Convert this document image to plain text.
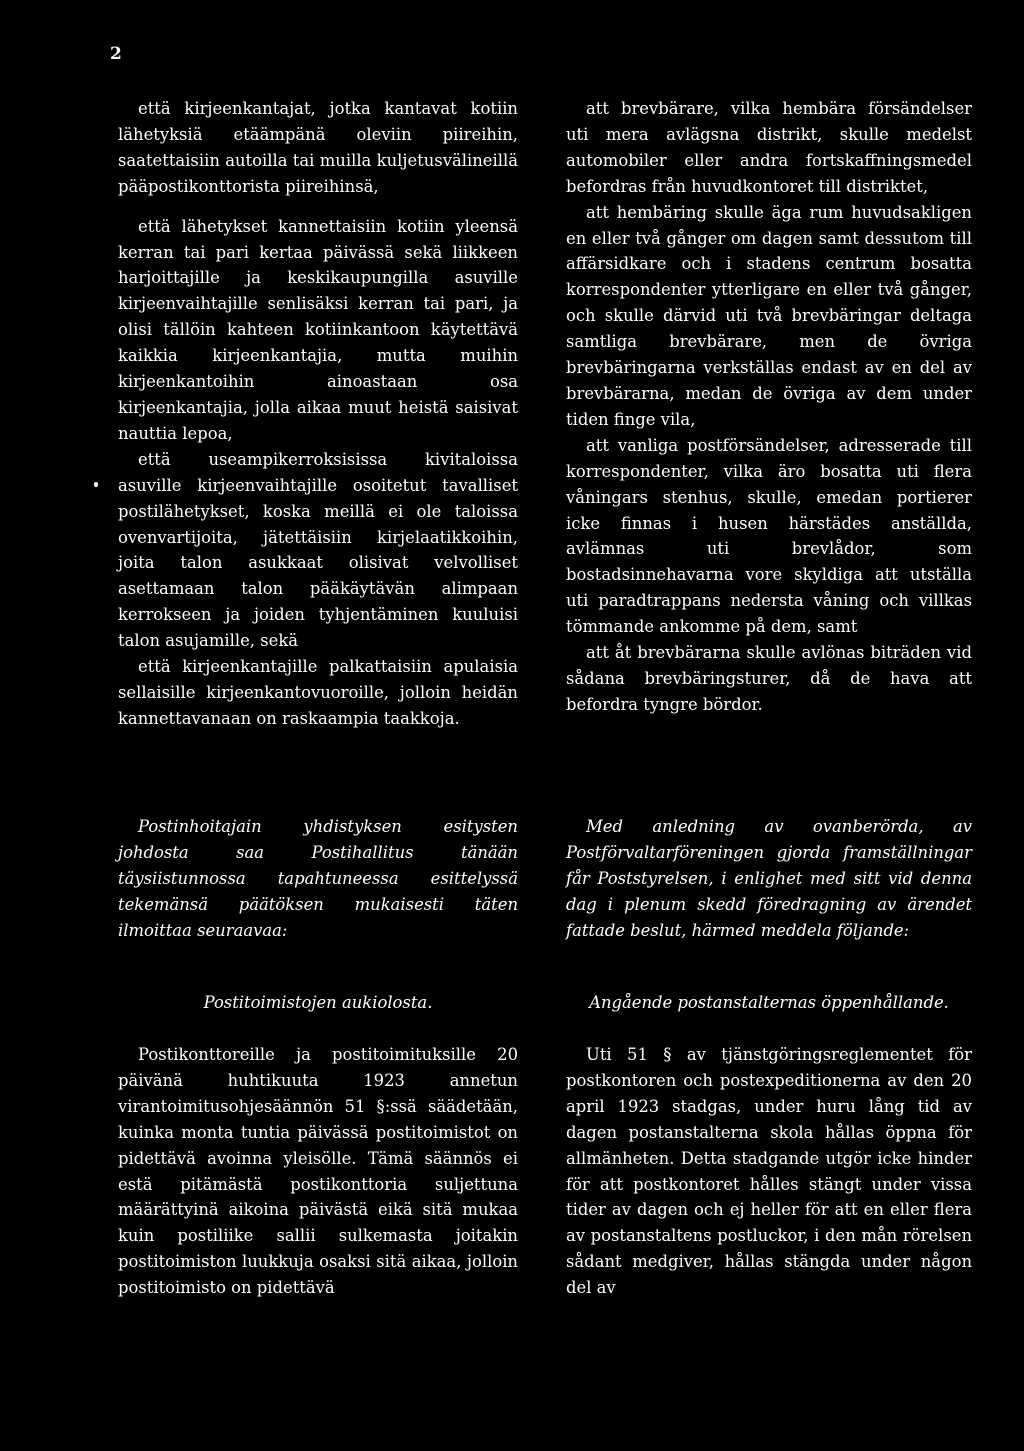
2

että kirjeenkantajat, jotka kantavat kotiin lähetyksiä etäämpänä oleviin piireihin, saatettaisiin autoilla tai muilla kuljetusvälineillä pääpostikonttorista piireihinsä,

että lähetykset kannettaisiin kotiin yleensä kerran tai pari kertaa päivässä sekä liikkeen harjoittajille ja keskikaupungilla asuville kirjeenvaihtajille senlisäksi kerran tai pari, ja olisi tällöin kahteen kotiinkantoon käytettävä kaikkia kirjeenkantajia, mutta muihin kirjeenkantoihin ainoastaan osa kirjeenkantajia, jolla aikaa muut heistä saisivat nauttia lepoa,

että useampikerroksisissa kivitaloissa asuville kirjeenvaihtajille osoitetut tavalliset postilähetykset, koska meillä ei ole taloissa ovenvartijoita, jätettäisiin kirjelaatikkoihin, joita talon asukkaat olisivat velvolliset asettamaan talon pääkäytävän alimpaan kerrokseen ja joiden tyhjentäminen kuuluisi talon asujamille, sekä

että kirjeenkantajille palkattaisiin apulaisia sellaisille kirjeenkantovuoroille, jolloin heidän kannettavanaan on raskaampia taakkoja.

att brevbärare, vilka hembära försändelser uti mera avlägsna distrikt, skulle medelst automobiler eller andra fortskaffningsmedel befordras från huvudkontoret till distriktet,

att hembäring skulle äga rum huvudsakligen en eller två gånger om dagen samt dessutom till affärsidkare och i stadens centrum bosatta korrespondenter ytterligare en eller två gånger, och skulle därvid uti två brevbäringar deltaga samtliga brevbärare, men de övriga brevbäringarna verkställas endast av en del av brevbärarna, medan de övriga av dem under tiden finge vila,

att vanliga postförsändelser, adresserade till korrespondenter, vilka äro bosatta uti flera våningars stenhus, skulle, emedan portierer icke finnas i husen härstädes anställda, avlämnas uti brevlådor, som bostadsinnehavarna vore skyldiga att utställa uti paradtrappans nedersta våning och villkas tömmande ankomme på dem, samt

att åt brevbärarna skulle avlönas biträden vid sådana brevbäringsturer, då de hava att befordra tyngre bördor.

Postinhoitajain yhdistyksen esitysten johdosta saa Postihallitus tänään täysiistunnossa tapahtuneessa esittelyssä tekemänsä päätöksen mukaisesti täten ilmoittaa seuraavaa:

Med anledning av ovanberörda, av Postförvaltarföreningen gjorda framställningar får Poststyrelsen, i enlighet med sitt vid denna dag i plenum skedd föredragning av ärendet fattade beslut, härmed meddela följande:

Postitoimistojen aukiolosta.	Angående postanstalternas öppenhållande.

Postikonttoreille ja postitoimituksille 20 päivänä huhtikuuta 1923 annetun virantoimitusohjesäännön 51 §:ssä säädetään, kuinka monta tuntia päivässä postitoimistot on pidettävä avoinna yleisölle. Tämä säännös ei estä pitämästä postikonttoria suljettuna määrättyinä aikoina päivästä eikä sitä mukaa kuin postiliike sallii sulkemasta joitakin postitoimiston luukkuja osaksi sitä aikaa, jolloin postitoimisto on pidettävä

Uti 51 § av tjänstgöringsreglementet för postkontoren och postexpeditionerna av den 20 april 1923 stadgas, under huru lång tid av dagen postanstalterna skola hållas öppna för allmänheten. Detta stadgande utgör icke hinder för att postkontoret hålles stängt under vissa tider av dagen och ej heller för att en eller flera av postanstaltens postluckor, i den mån rörelsen sådant medgiver, hållas stängda under någon del av
